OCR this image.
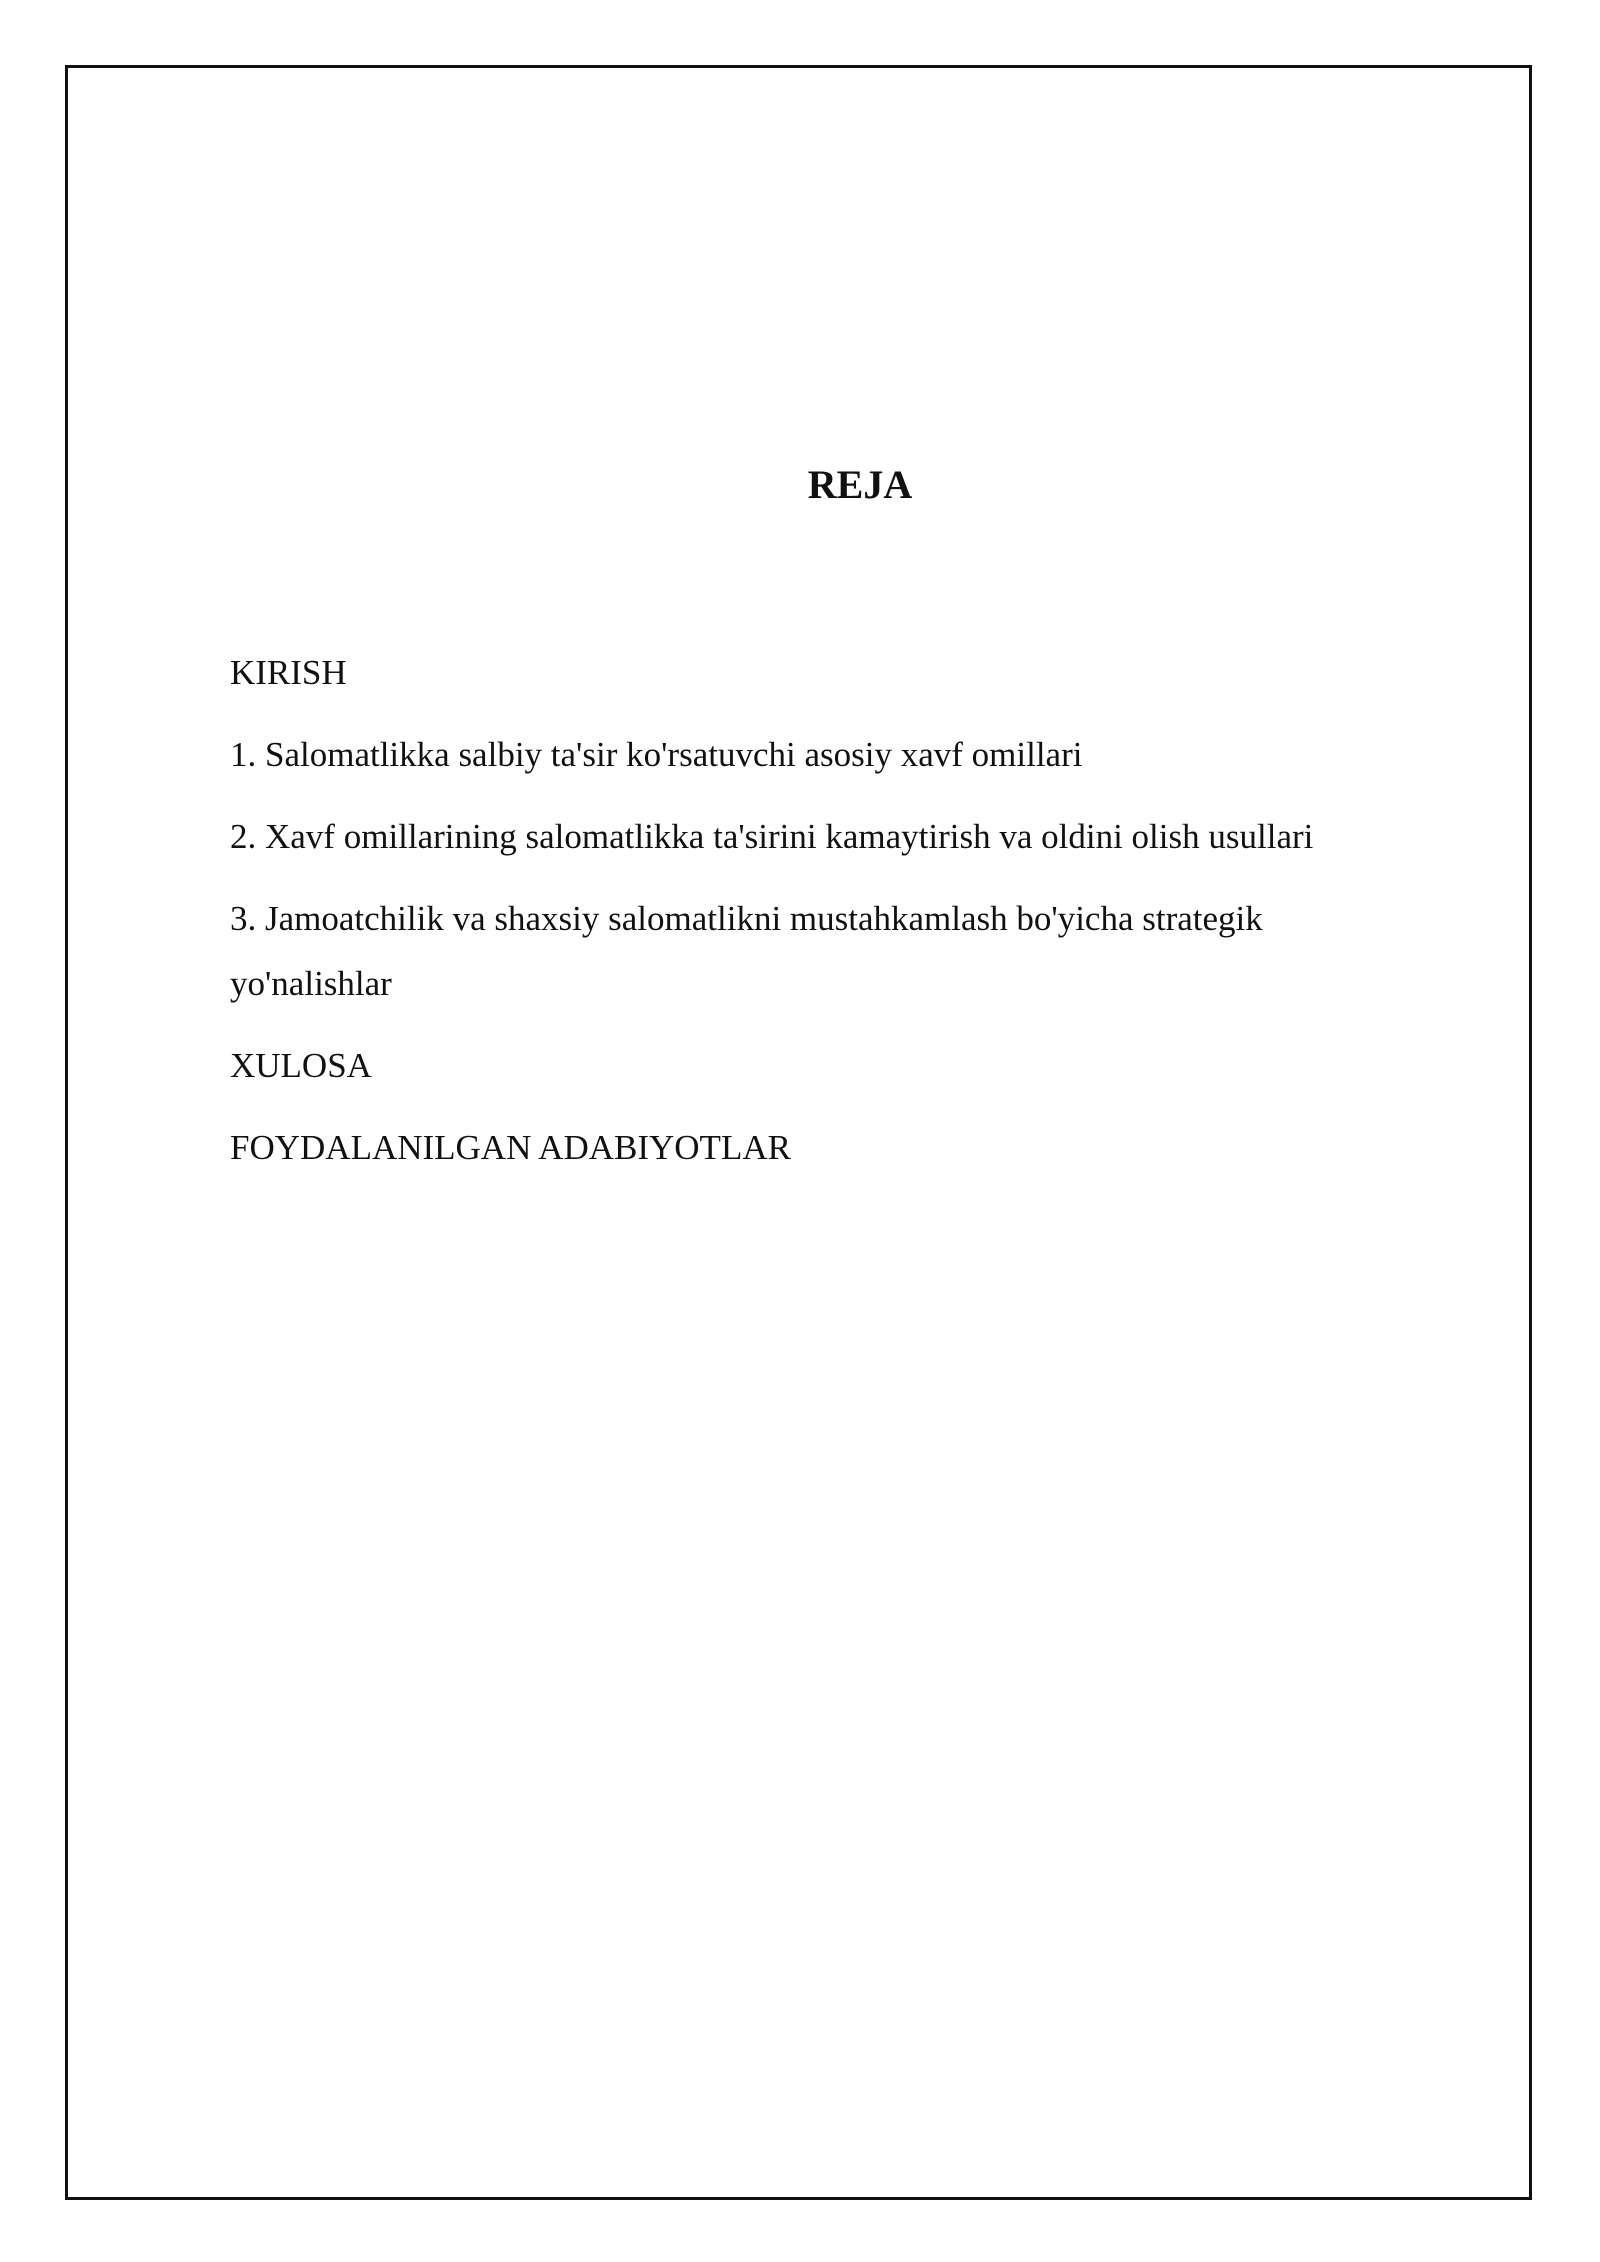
REJA
KIRISH
1. Salomatlikka salbiy ta'sir ko'rsatuvchi asosiy xavf omillari
2. Xavf omillarining salomatlikka ta'sirini kamaytirish va oldini olish usullari
3. Jamoatchilik va shaxsiy salomatlikni mustahkamlash bo'yicha strategik yo'nalishlar
XULOSA
FOYDALANILGAN ADABIYOTLAR
